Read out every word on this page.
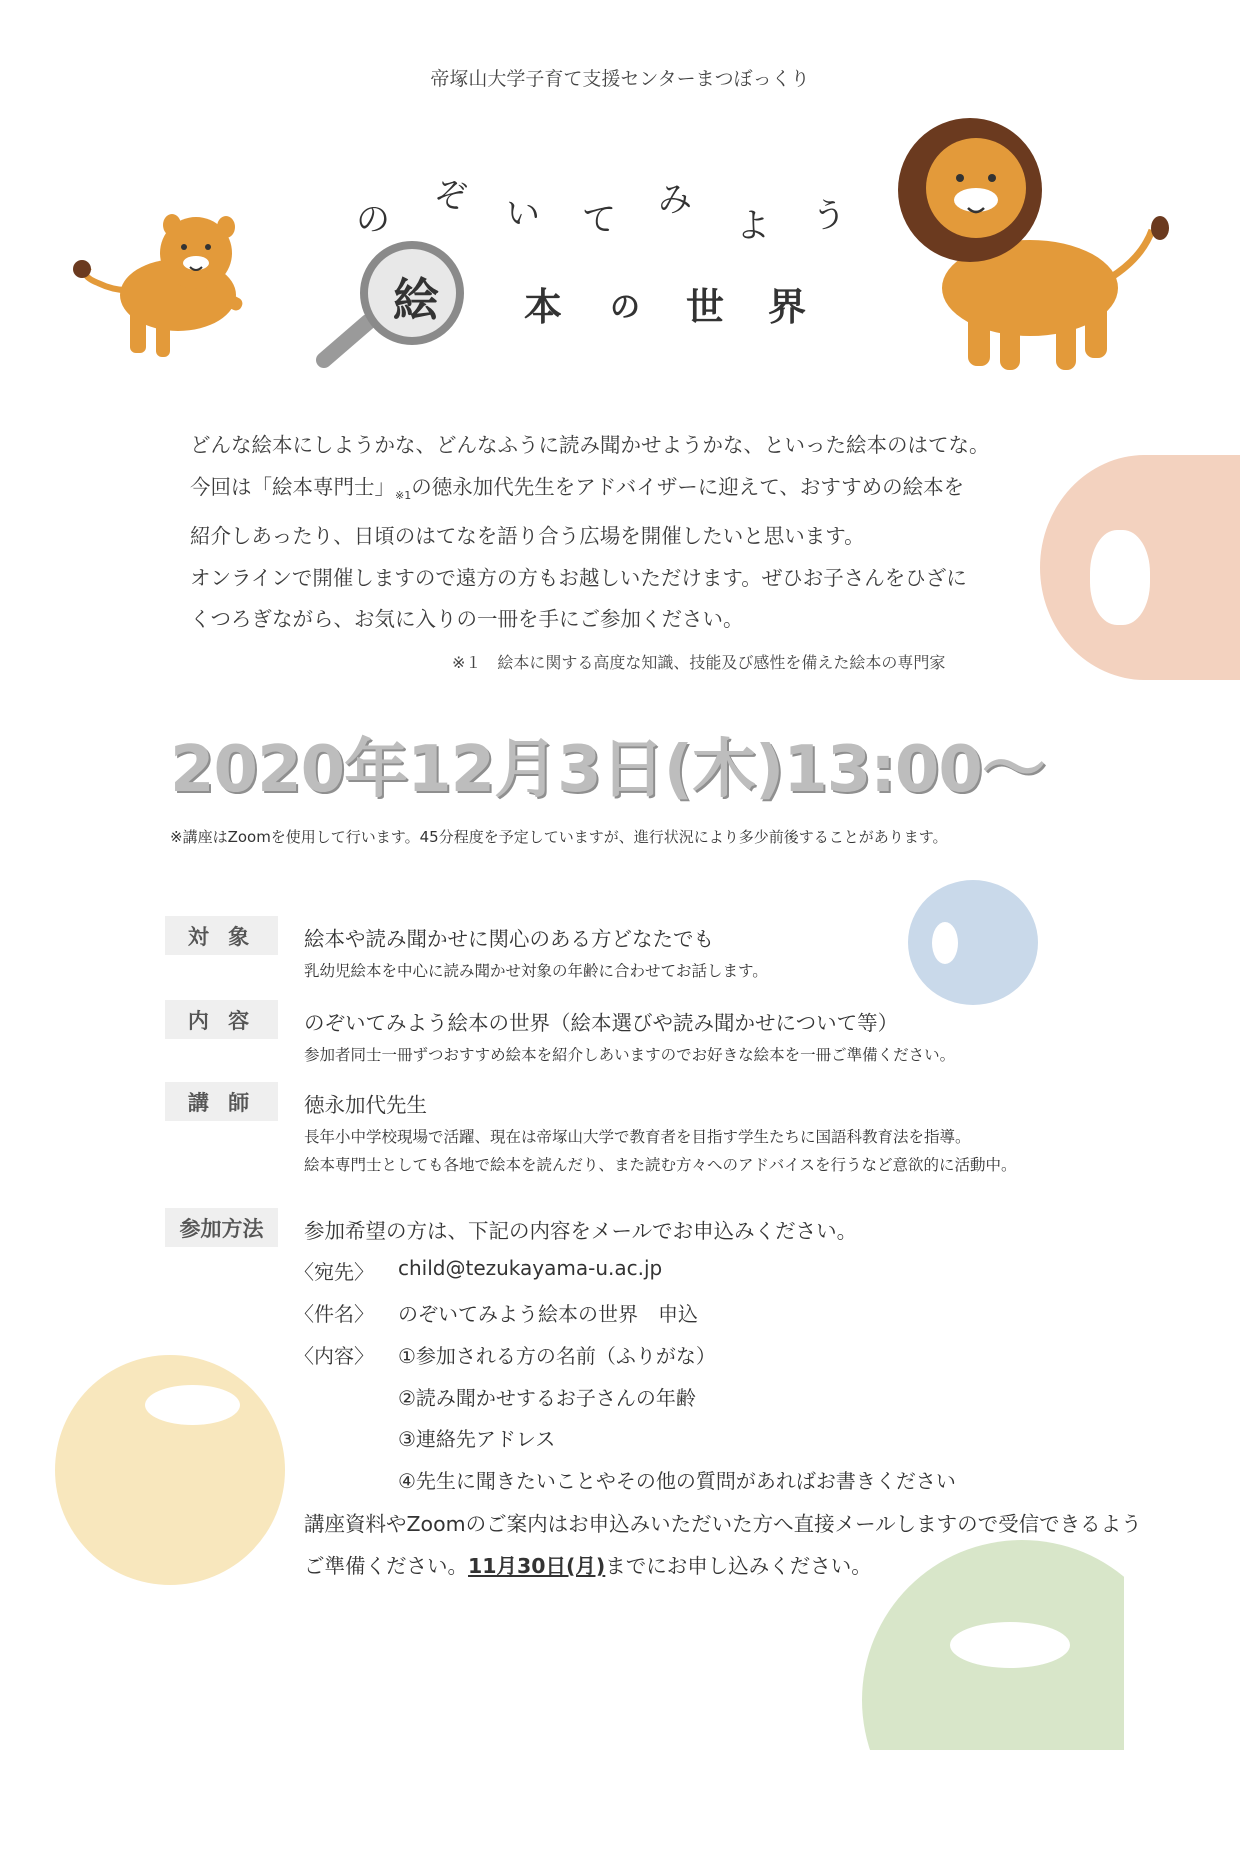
帝塚山大学子育て支援センターまつぼっくり
の
ぞ い て み
よ う
絵 本 の 世 界

どんな絵本にしようかな、どんなふうに読み聞かせようかな、といった絵本のはてな。

今回は「絵本専門士」$_{※1}$の徳永加代先生をアドバイザーに迎えて、おすすめの絵本を

紹介しあったり、日頃のはてなを語り合う広場を開催したいと思います。

オンラインで開催しますので遠方の方もお越しいただけます。ぜひお子さんをひざに

くつろぎながら、お気に入りの一冊を手にご参加ください。

※１　絵本に関する高度な知識、技能及び感性を備えた絵本の専門家
2020年12月3日(木)13:00～
※講座はZoomを使用して行います。45分程度を予定していますが、進行状況により多少前後することがあります。
対 象	絵本や読み聞かせに関心のある方どなたでも
乳幼児絵本を中心に読み聞かせ対象の年齢に合わせてお話します。
内 容	のぞいてみよう絵本の世界（絵本選びや読み聞かせについて等）
参加者同士一冊ずつおすすめ絵本を紹介しあいますのでお好きな絵本を一冊ご準備ください。
講 師	徳永加代先生
長年小中学校現場で活躍、現在は帝塚山大学で教育者を目指す学生たちに国語科教育法を指導。
絵本専門士としても各地で絵本を読んだり、また読む方々へのアドバイスを行うなど意欲的に活動中。
参加方法	参加希望の方は、下記の内容をメールでお申込みください。
〈宛先〉 child@tezukayama-u.ac.jp
〈件名〉 のぞいてみよう絵本の世界　申込
〈内容〉 ①参加される方の名前（ふりがな）
②読み聞かせするお子さんの年齢
③連絡先アドレス
④先生に聞きたいことやその他の質問があればお書きください
講座資料やZoomのご案内はお申込みいただいた方へ直接メールしますので受信できるよう
ご準備ください。11月30日(月)までにお申し込みください。
